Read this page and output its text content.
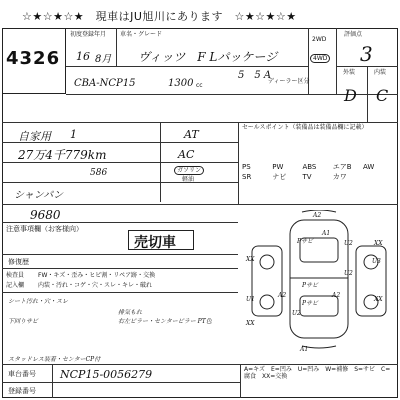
☆★☆★☆★　現車はJU旭川にあります　☆★☆★☆★
4326
初度登録年月 車名・グレード
16 8月 ヴィッツ　F Lパッケージ
2WD
4WD
評価点
3
CBA-NCP15	1300 cc
5　5 A
ディーラー区分
外装	内装
D C
自家用 1	AT
AC
27万4千779km
ガソリン
軽油
シャンパン
586
9680
セールスポイント（装備品は装備品欄に記載）
PS	PW	ABS エアB AW
SR	ナビ TV	カワ
注意事項欄（お客様向）
売切車
修復歴
検査員
記入欄
FW・キズ・歪み・ヒビ割・リペア跡・交換
内装・汚れ・コゲ・穴・スレ・キレ・破れ
シート汚れ・穴・スレ
下回りサビ
排気もれ
右左ピラー・センターピラー PT色
A2
XX
Pサビ
A1
U2
U3
XX
Pサビ
A2
U1
Pサビ
A2
U2
XX
XX
U2
A1
スタッドレス装着・センターCP付
車台番号 NCP15-0056279
登録番号
A=キズ　E=凹み　U=凹み　W=補修　S=サビ　C=腐食　XX=交換
